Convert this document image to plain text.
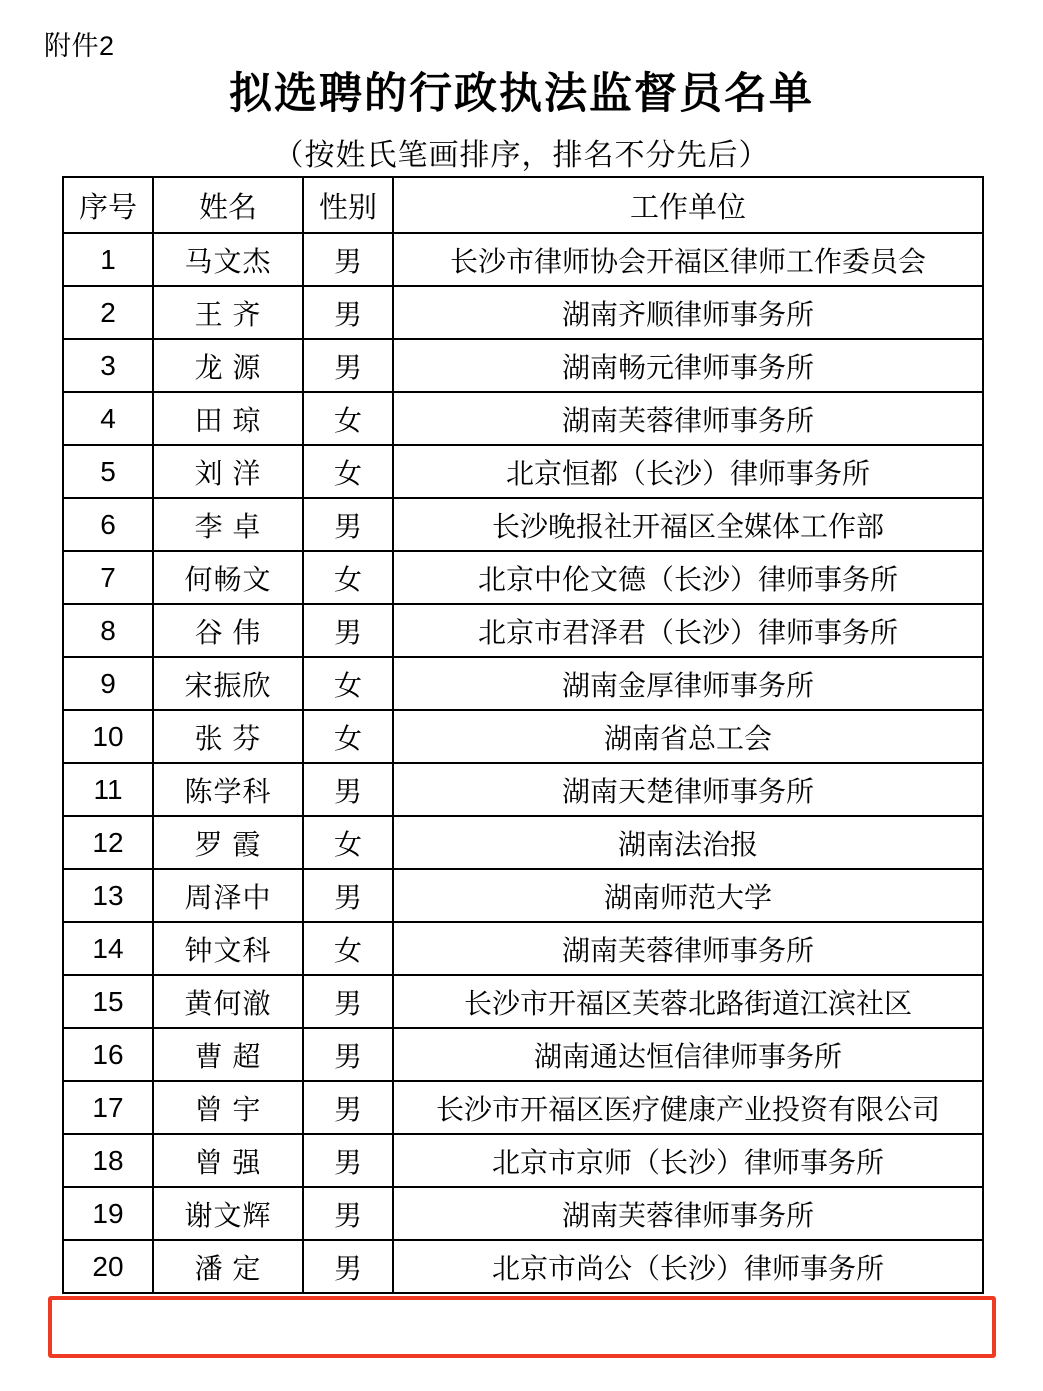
附件2
拟选聘的行政执法监督员名单
（按姓氏笔画排序，排名不分先后）
序号	姓名	性别	工作单位
1	马文杰	男	长沙市律师协会开福区律师工作委员会
2	王 齐	男	湖南齐顺律师事务所
3	龙 源	男	湖南畅元律师事务所
4	田 琼	女	湖南芙蓉律师事务所
5	刘 洋	女	北京恒都（长沙）律师事务所
6	李 卓	男	长沙晚报社开福区全媒体工作部
7	何畅文	女	北京中伦文德（长沙）律师事务所
8	谷 伟	男	北京市君泽君（长沙）律师事务所
9	宋振欣	女	湖南金厚律师事务所
10	张 芬	女	湖南省总工会
11	陈学科	男	湖南天楚律师事务所
12	罗 霞	女	湖南法治报
13	周泽中	男	湖南师范大学
14	钟文科	女	湖南芙蓉律师事务所
15	黄何澈	男	长沙市开福区芙蓉北路街道江滨社区
16	曹 超	男	湖南通达恒信律师事务所
17	曾 宇	男	长沙市开福区医疗健康产业投资有限公司
18	曾 强	男	北京市京师（长沙）律师事务所
19	谢文辉	男	湖南芙蓉律师事务所
20	潘 定	男	北京市尚公（长沙）律师事务所
